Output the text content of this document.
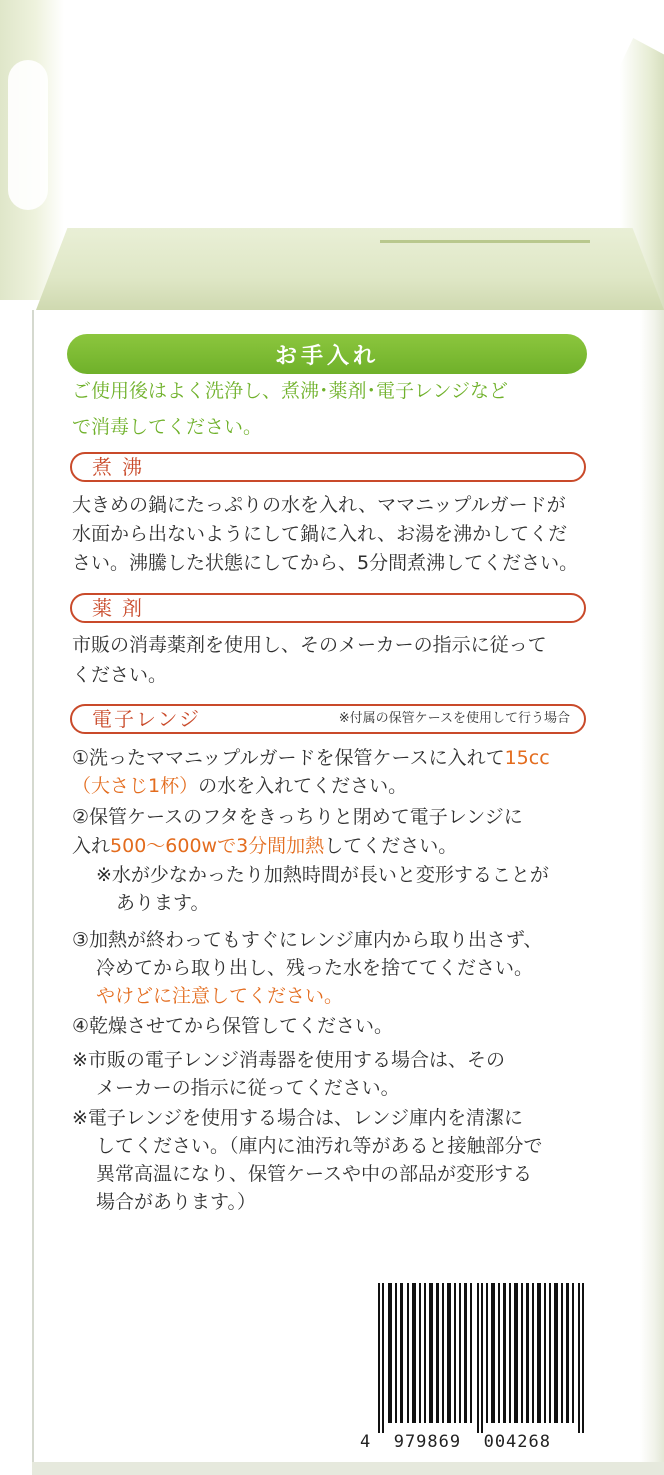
お手入れ
ご使用後はよく洗浄し、煮沸･薬剤･電子レンジなど
で消毒してください。
煮沸
大きめの鍋にたっぷりの水を入れ、ママニップルガードが
水面から出ないようにして鍋に入れ、お湯を沸かしてくだ
さい。沸騰した状態にしてから、5分間煮沸してください。
薬剤
市販の消毒薬剤を使用し、そのメーカーの指示に従って
ください。
電子レンジ	※付属の保管ケースを使用して行う場合
①洗ったママニップルガードを保管ケースに入れて15cc
（大さじ1杯）の水を入れてください。
②保管ケースのフタをきっちりと閉めて電子レンジに
入れ500～600wで3分間加熱してください。
※水が少なかったり加熱時間が長いと変形することが
あります。
③加熱が終わってもすぐにレンジ庫内から取り出さず、
冷めてから取り出し、残った水を捨ててください。
やけどに注意してください。
④乾燥させてから保管してください。
※市販の電子レンジ消毒器を使用する場合は、その
メーカーの指示に従ってください。
※電子レンジを使用する場合は、レンジ庫内を清潔に
してください。（庫内に油汚れ等があると接触部分で
異常高温になり、保管ケースや中の部品が変形する
場合があります。）
4  979869  004268
